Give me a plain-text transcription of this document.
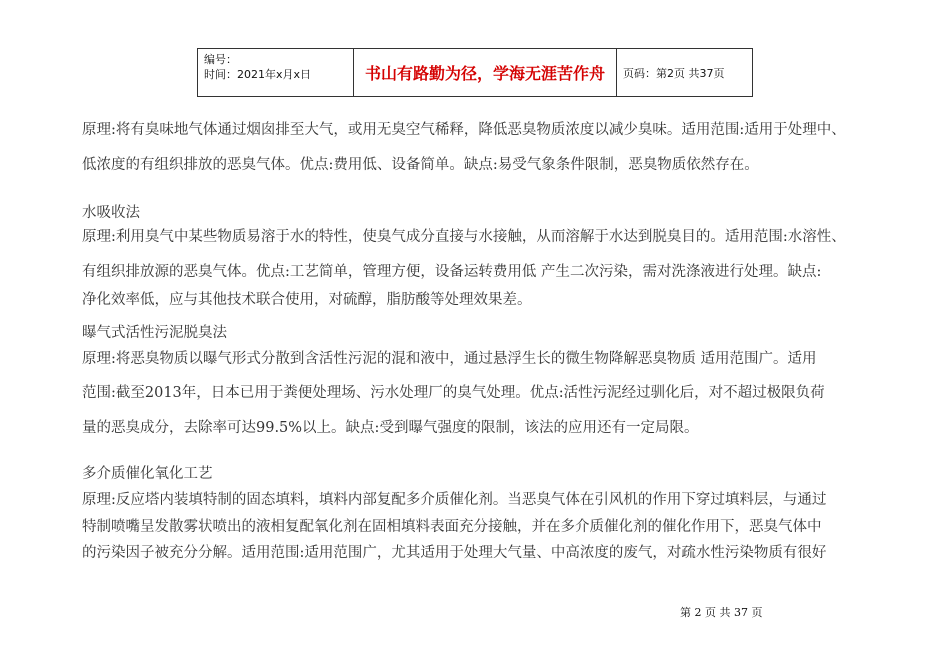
编号：
时间：2021年x月x日	书山有路勤为径，学海无涯苦作舟	页码：第2页 共37页
原理:将有臭味地气体通过烟囱排至大气，或用无臭空气稀释，降低恶臭物质浓度以减少臭味。适用范围:适用于处理中、
低浓度的有组织排放的恶臭气体。优点:费用低、设备简单。缺点:易受气象条件限制，恶臭物质依然存在。
水吸收法
原理:利用臭气中某些物质易溶于水的特性，使臭气成分直接与水接触，从而溶解于水达到脱臭目的。适用范围:水溶性、
有组织排放源的恶臭气体。优点:工艺简单，管理方便，设备运转费用低 产生二次污染，需对洗涤液进行处理。缺点:
净化效率低，应与其他技术联合使用，对硫醇，脂肪酸等处理效果差。
曝气式活性污泥脱臭法
原理:将恶臭物质以曝气形式分散到含活性污泥的混和液中，通过悬浮生长的微生物降解恶臭物质 适用范围广。适用
范围:截至2013年，日本已用于粪便处理场、污水处理厂的臭气处理。优点:活性污泥经过驯化后，对不超过极限负荷
量的恶臭成分，去除率可达99.5%以上。缺点:受到曝气强度的限制，该法的应用还有一定局限。
多介质催化氧化工艺
原理:反应塔内装填特制的固态填料，填料内部复配多介质催化剂。当恶臭气体在引风机的作用下穿过填料层，与通过
特制喷嘴呈发散雾状喷出的液相复配氧化剂在固相填料表面充分接触，并在多介质催化剂的催化作用下，恶臭气体中
的污染因子被充分分解。适用范围:适用范围广，尤其适用于处理大气量、中高浓度的废气，对疏水性污染物质有很好
第 2 页 共 37 页
